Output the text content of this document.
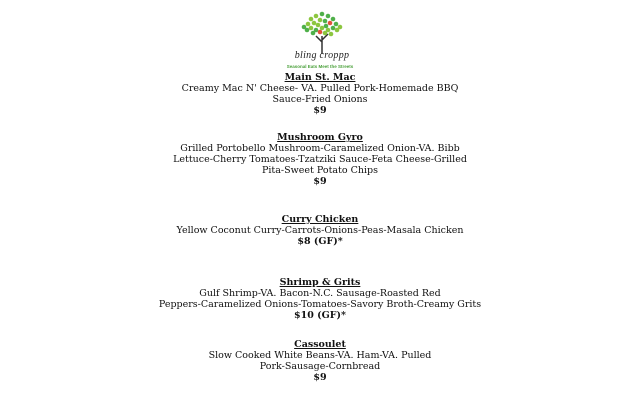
bling croppp
Seasonal Eats Meet the Streets
Main St. Mac
Creamy Mac N' Cheese- VA. Pulled Pork-Homemade BBQ
Sauce-Fried Onions
$9
Mushroom Gyro
Grilled Portobello Mushroom-Caramelized Onion-VA. Bibb
Lettuce-Cherry Tomatoes-Tzatziki Sauce-Feta Cheese-Grilled
Pita-Sweet Potato Chips
$9
Curry Chicken
Yellow Coconut Curry-Carrots-Onions-Peas-Masala Chicken
$8 (GF)*
Shrimp & Grits
Gulf Shrimp-VA. Bacon-N.C. Sausage-Roasted Red
Peppers-Caramelized Onions-Tomatoes-Savory Broth-Creamy Grits
$10 (GF)*
Cassoulet
Slow Cooked White Beans-VA. Ham-VA. Pulled
Pork-Sausage-Cornbread
$9
